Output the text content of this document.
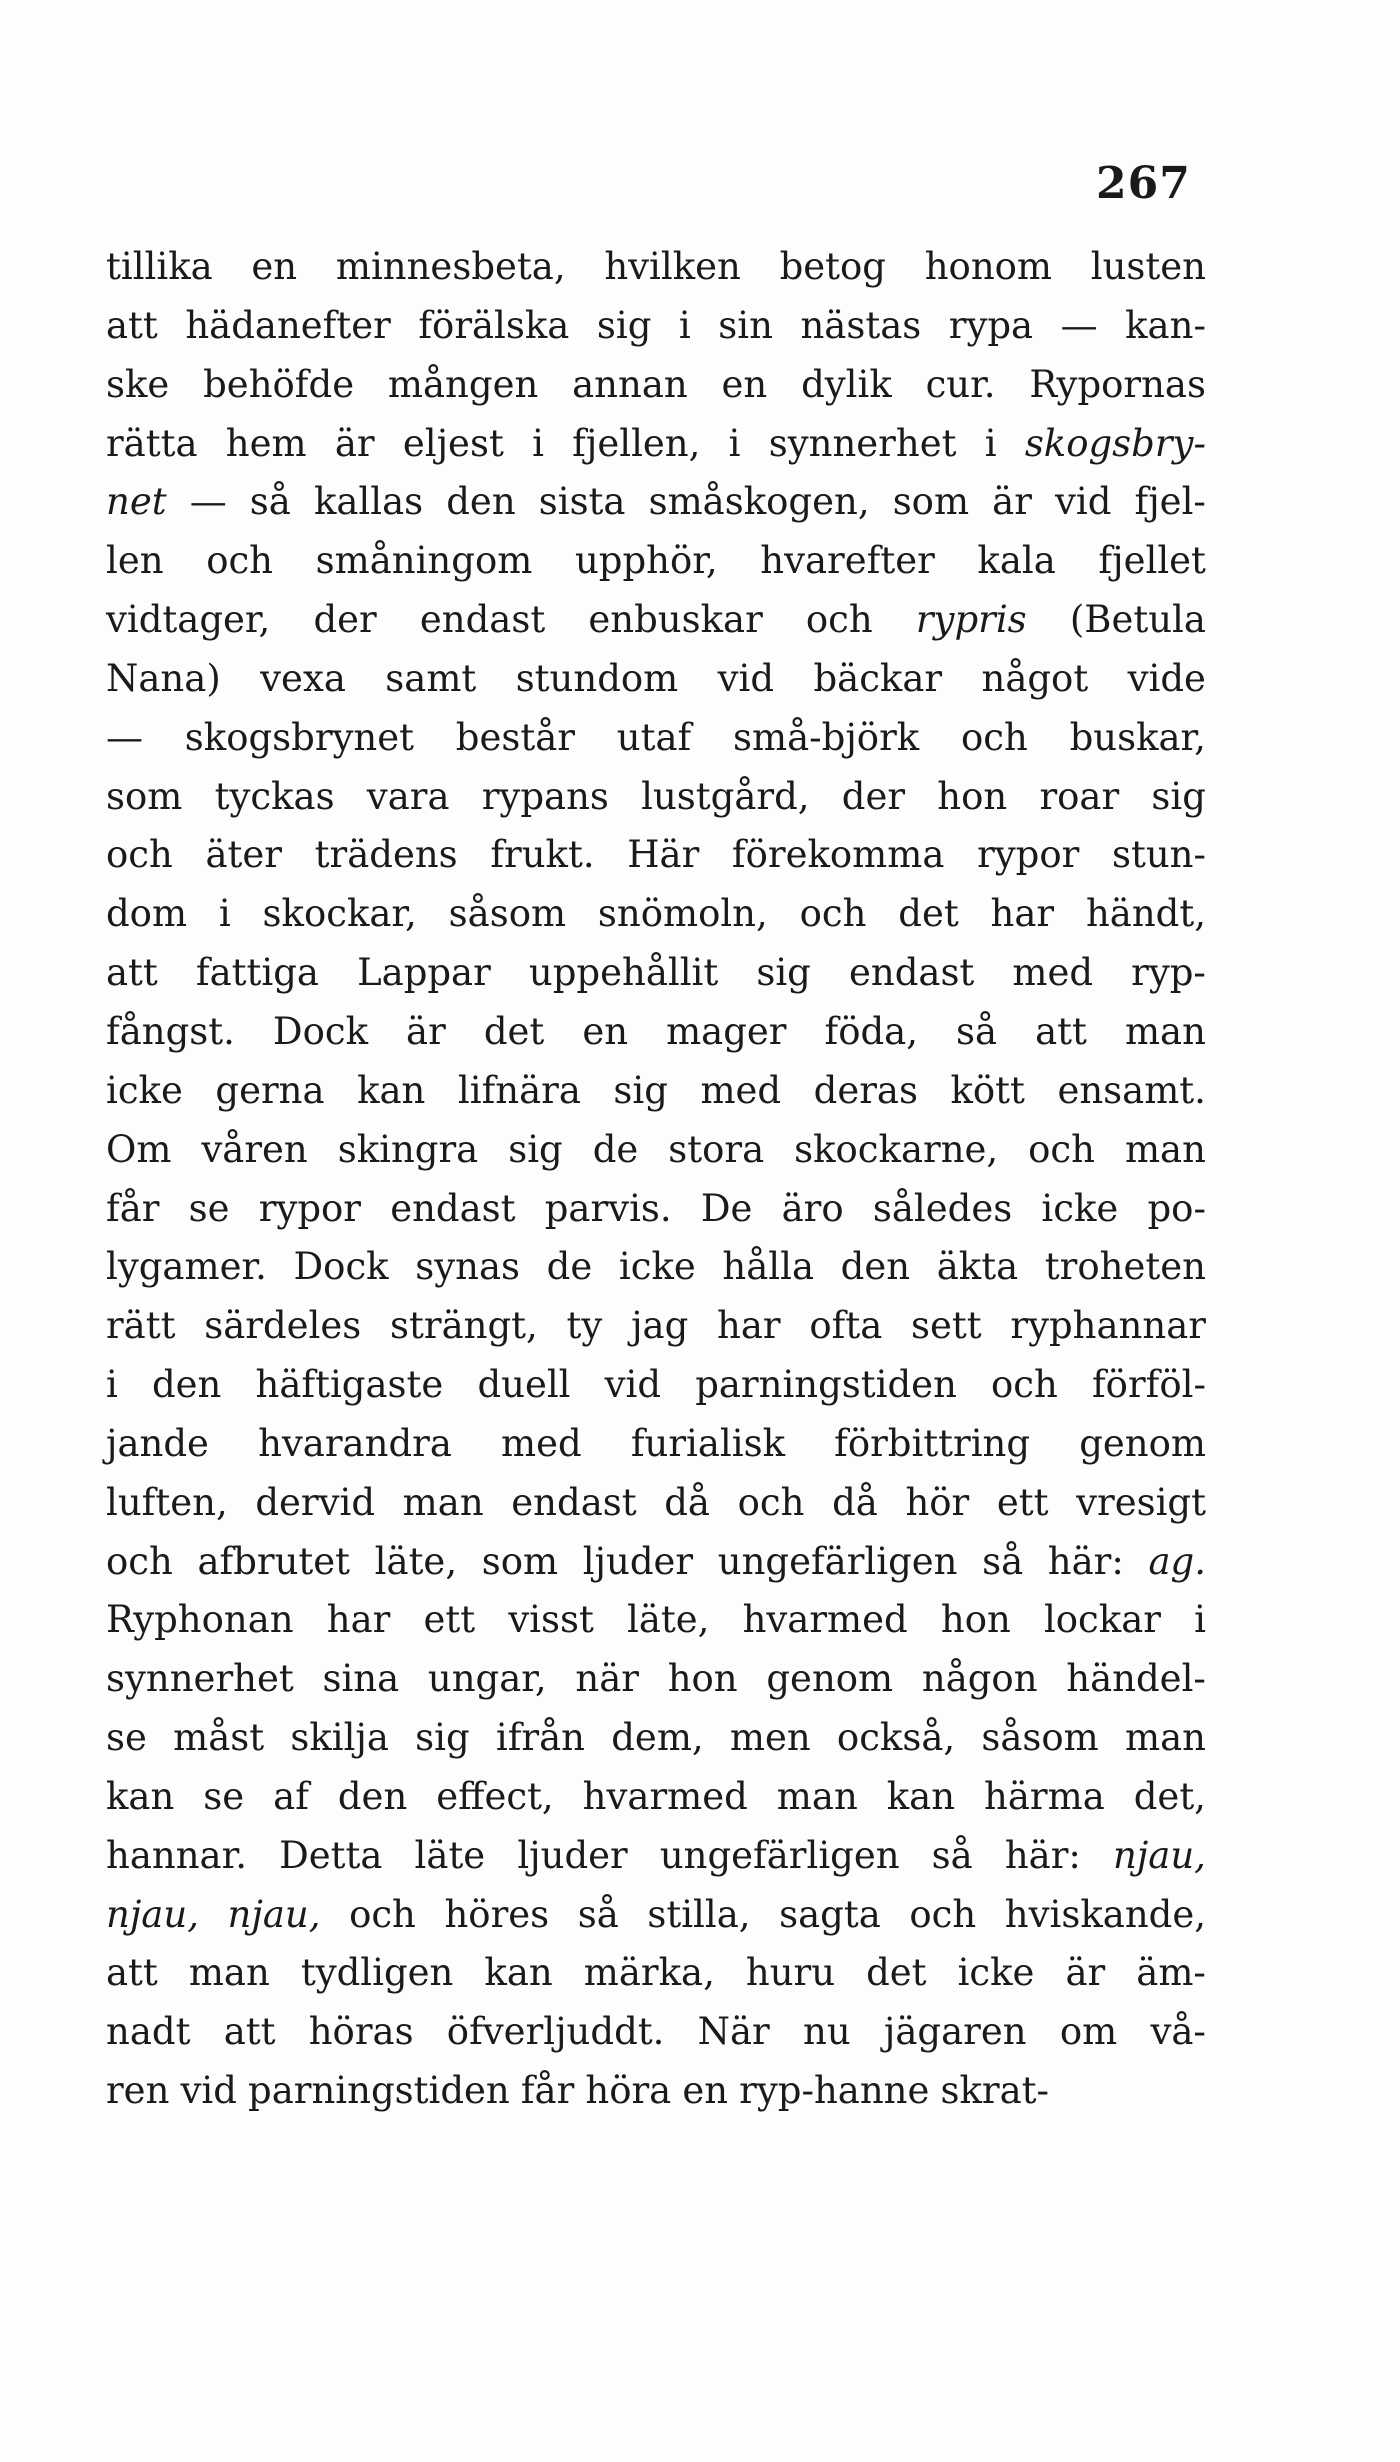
267
tillika en minnesbeta, hvilken betog honom lusten
att hädanefter förälska sig i sin nästas rypa — kan-
ske behöfde mången annan en dylik cur. Rypornas
rätta hem är eljest i fjellen, i synnerhet i skogsbry-
net — så kallas den sista småskogen, som är vid fjel-
len och småningom upphör, hvarefter kala fjellet
vidtager, der endast enbuskar och rypris (Betula
Nana) vexa samt stundom vid bäckar något vide
— skogsbrynet består utaf små-björk och buskar,
som tyckas vara rypans lustgård, der hon roar sig
och äter trädens frukt. Här förekomma rypor stun-
dom i skockar, såsom snömoln, och det har händt,
att fattiga Lappar uppehållit sig endast med ryp-
fångst. Dock är det en mager föda, så att man
icke gerna kan lifnära sig med deras kött ensamt.
Om våren skingra sig de stora skockarne, och man
får se rypor endast parvis. De äro således icke po-
lygamer. Dock synas de icke hålla den äkta troheten
rätt särdeles strängt, ty jag har ofta sett ryphannar
i den häftigaste duell vid parningstiden och förföl-
jande hvarandra med furialisk förbittring genom
luften, dervid man endast då och då hör ett vresigt
och afbrutet läte, som ljuder ungefärligen så här: ag.
Ryphonan har ett visst läte, hvarmed hon lockar i
synnerhet sina ungar, när hon genom någon händel-
se måst skilja sig ifrån dem, men också, såsom man
kan se af den effect, hvarmed man kan härma det,
hannar. Detta läte ljuder ungefärligen så här: njau,
njau, njau, och höres så stilla, sagta och hviskande,
att man tydligen kan märka, huru det icke är äm-
nadt att höras öfverljuddt. När nu jägaren om vå-
ren vid parningstiden får höra en ryp-hanne skrat-
